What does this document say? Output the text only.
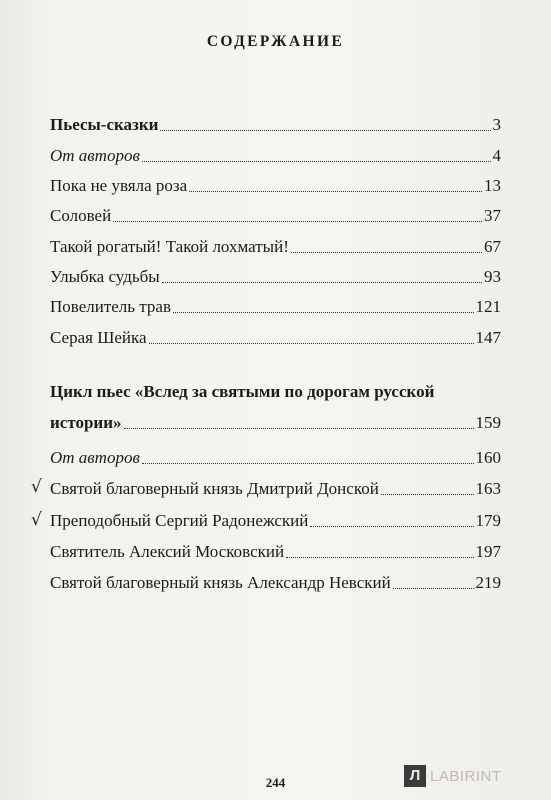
СОДЕРЖАНИЕ
Пьесы-сказки	3
От авторов	4
Пока не увяла роза	13
Соловей	37
Такой рогатый! Такой лохматый!	67
Улыбка судьбы	93
Повелитель трав	121
Серая Шейка	147
Цикл пьес «Вслед за святыми по дорогам русской
истории»	159
От авторов	160
√ Святой благоверный князь Дмитрий Донской	163
√ Преподобный Сергий Радонежский	179
Святитель Алексий Московский	197
Святой благоверный князь Александр Невский	219
244	Л LABIRINT
